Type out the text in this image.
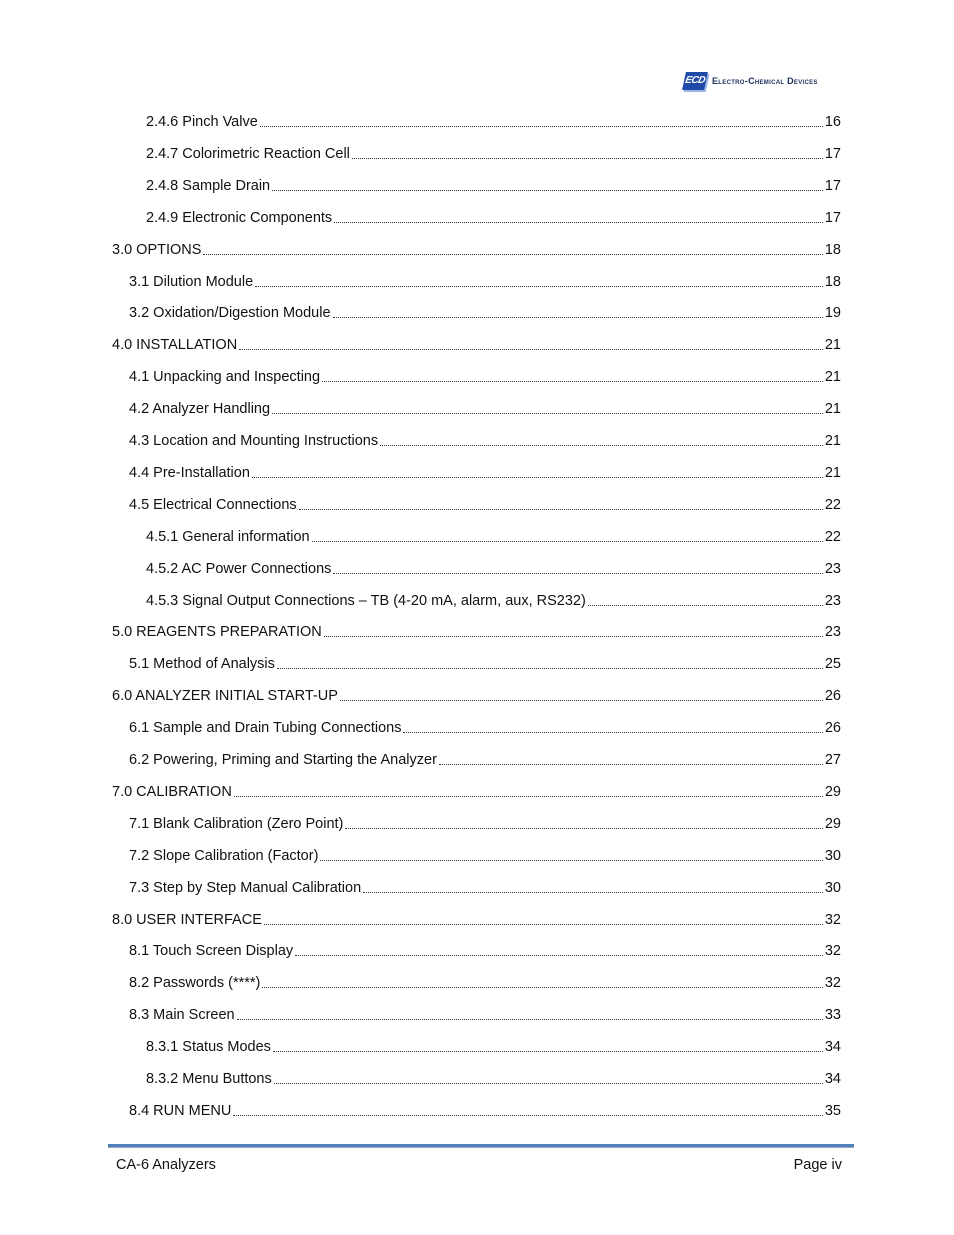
ECD Electro-Chemical Devices
2.4.6 Pinch Valve	16
2.4.7 Colorimetric Reaction Cell	17
2.4.8 Sample Drain	17
2.4.9 Electronic Components	17
3.0 OPTIONS	18
3.1 Dilution Module	18
3.2 Oxidation/Digestion Module	19
4.0 INSTALLATION	21
4.1 Unpacking and Inspecting	21
4.2 Analyzer Handling	21
4.3 Location and Mounting Instructions	21
4.4 Pre-Installation	21
4.5 Electrical Connections	22
4.5.1 General information	22
4.5.2 AC Power Connections	23
4.5.3 Signal Output Connections – TB (4-20 mA, alarm, aux, RS232)	23
5.0 REAGENTS PREPARATION	23
5.1 Method of Analysis	25
6.0 ANALYZER INITIAL START-UP	26
6.1 Sample and Drain Tubing Connections	26
6.2 Powering, Priming and Starting the Analyzer	27
7.0 CALIBRATION	29
7.1 Blank Calibration (Zero Point)	29
7.2 Slope Calibration (Factor)	30
7.3 Step by Step Manual Calibration	30
8.0 USER INTERFACE	32
8.1 Touch Screen Display	32
8.2 Passwords (****)	32
8.3 Main Screen	33
8.3.1 Status Modes	34
8.3.2 Menu Buttons	34
8.4 RUN MENU	35
CA-6 Analyzers	Page iv
